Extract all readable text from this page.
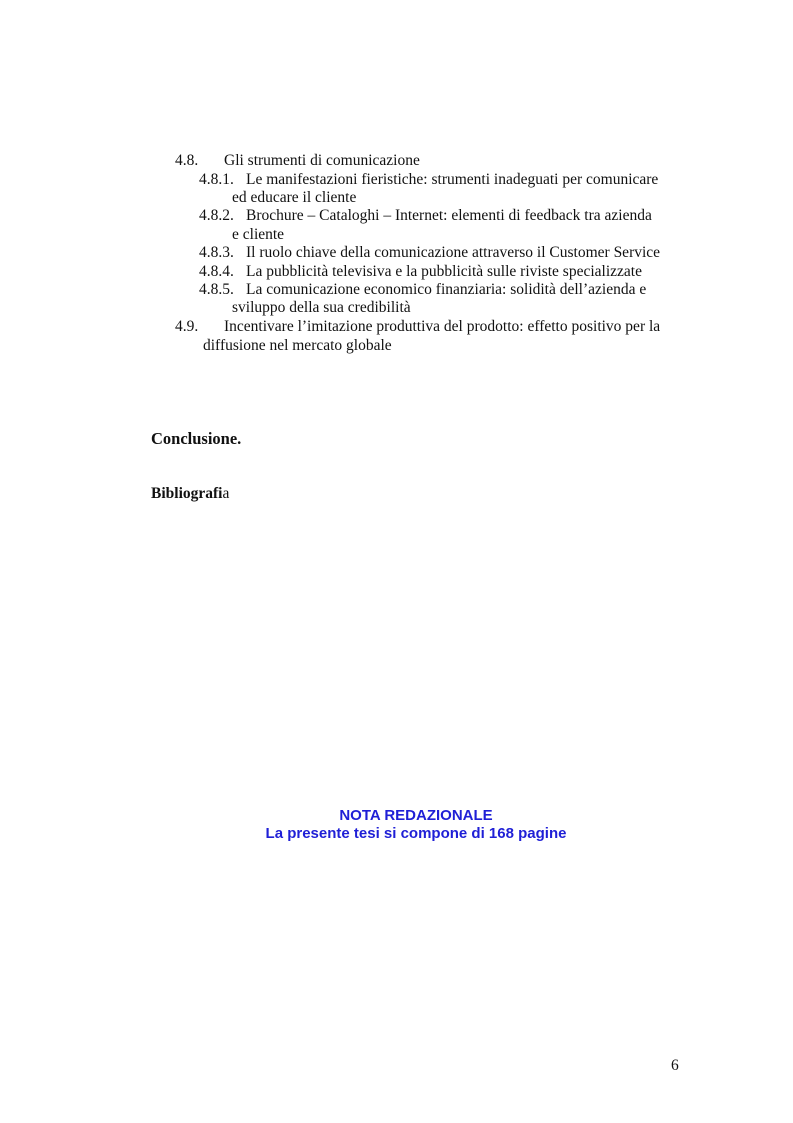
4.8. Gli strumenti di comunicazione
4.8.1. Le manifestazioni fieristiche: strumenti inadeguati per comunicare
ed educare il cliente
4.8.2. Brochure – Cataloghi – Internet: elementi di feedback tra azienda
e cliente
4.8.3. Il ruolo chiave della comunicazione attraverso il Customer Service
4.8.4. La pubblicità televisiva e la pubblicità sulle riviste specializzate
4.8.5. La comunicazione economico finanziaria: solidità dell’azienda e
sviluppo della sua credibilità
4.9. Incentivare l’imitazione produttiva del prodotto: effetto positivo per la
diffusione nel mercato globale
Conclusione.
Bibliografia
NOTA REDAZIONALE
La presente tesi si compone di 168 pagine
6
